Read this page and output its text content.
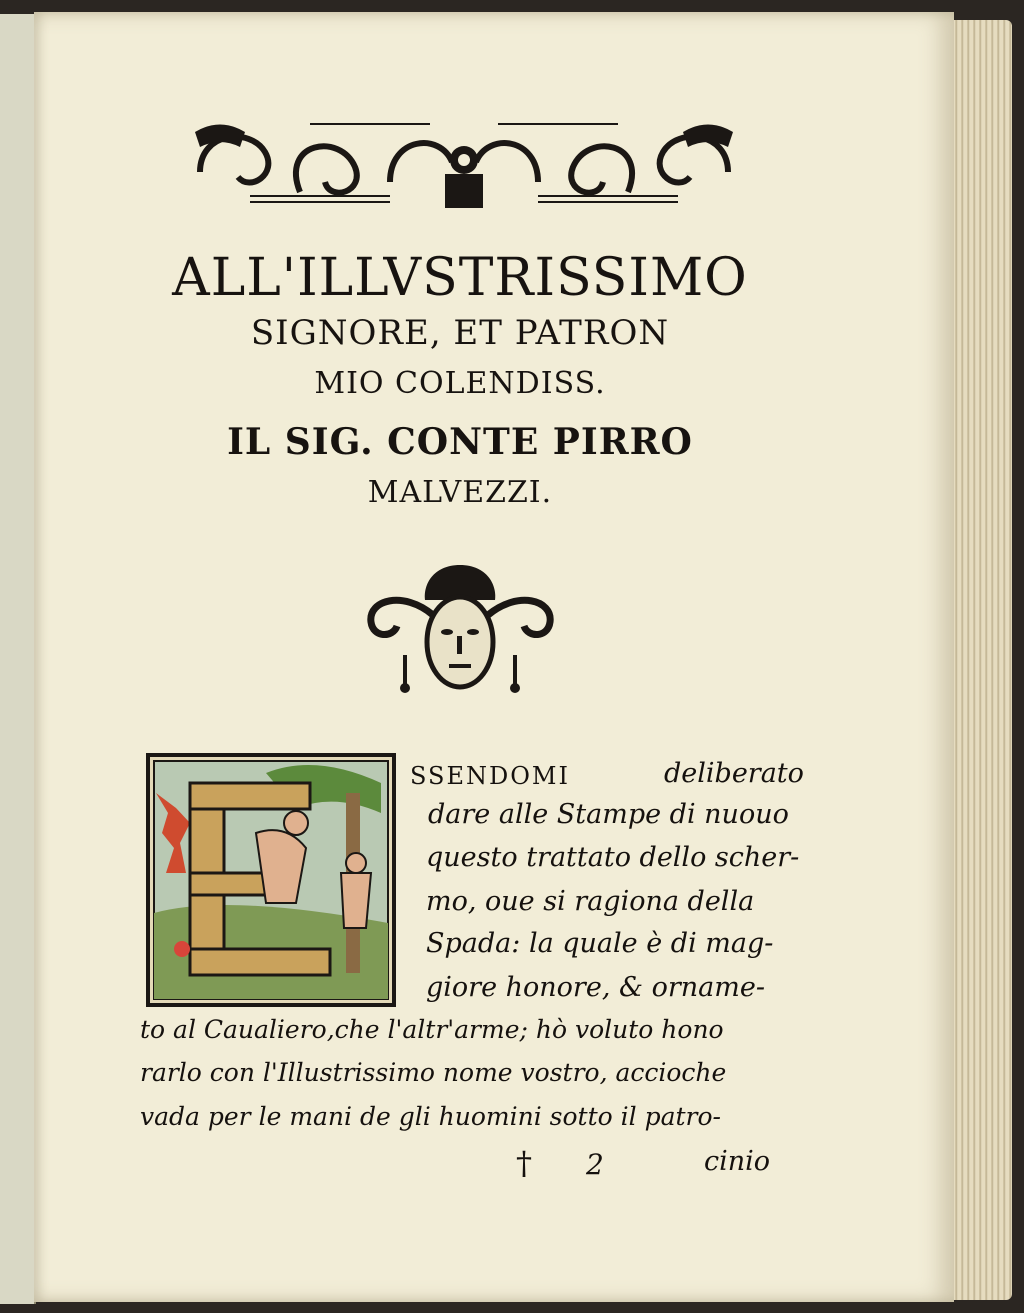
ALL'ILLVSTRISSIMO
SIGNORE, ET PATRON
MIO COLENDISS.
IL SIG. CONTE PIRRO
MALVEZZI.
SSENDOMI	deliberato
dare alle Stampe di nuouo
questo trattato dello scher-
mo, oue si ragiona della
Spada: la quale è di mag-
giore honore, & orname-
to al Caualiero,che l'altr'arme; hò voluto hono
rarlo con l'Illustrissimo nome vostro, accioche
vada per le mani de gli huomini sotto il patro-
† 2	cinio
